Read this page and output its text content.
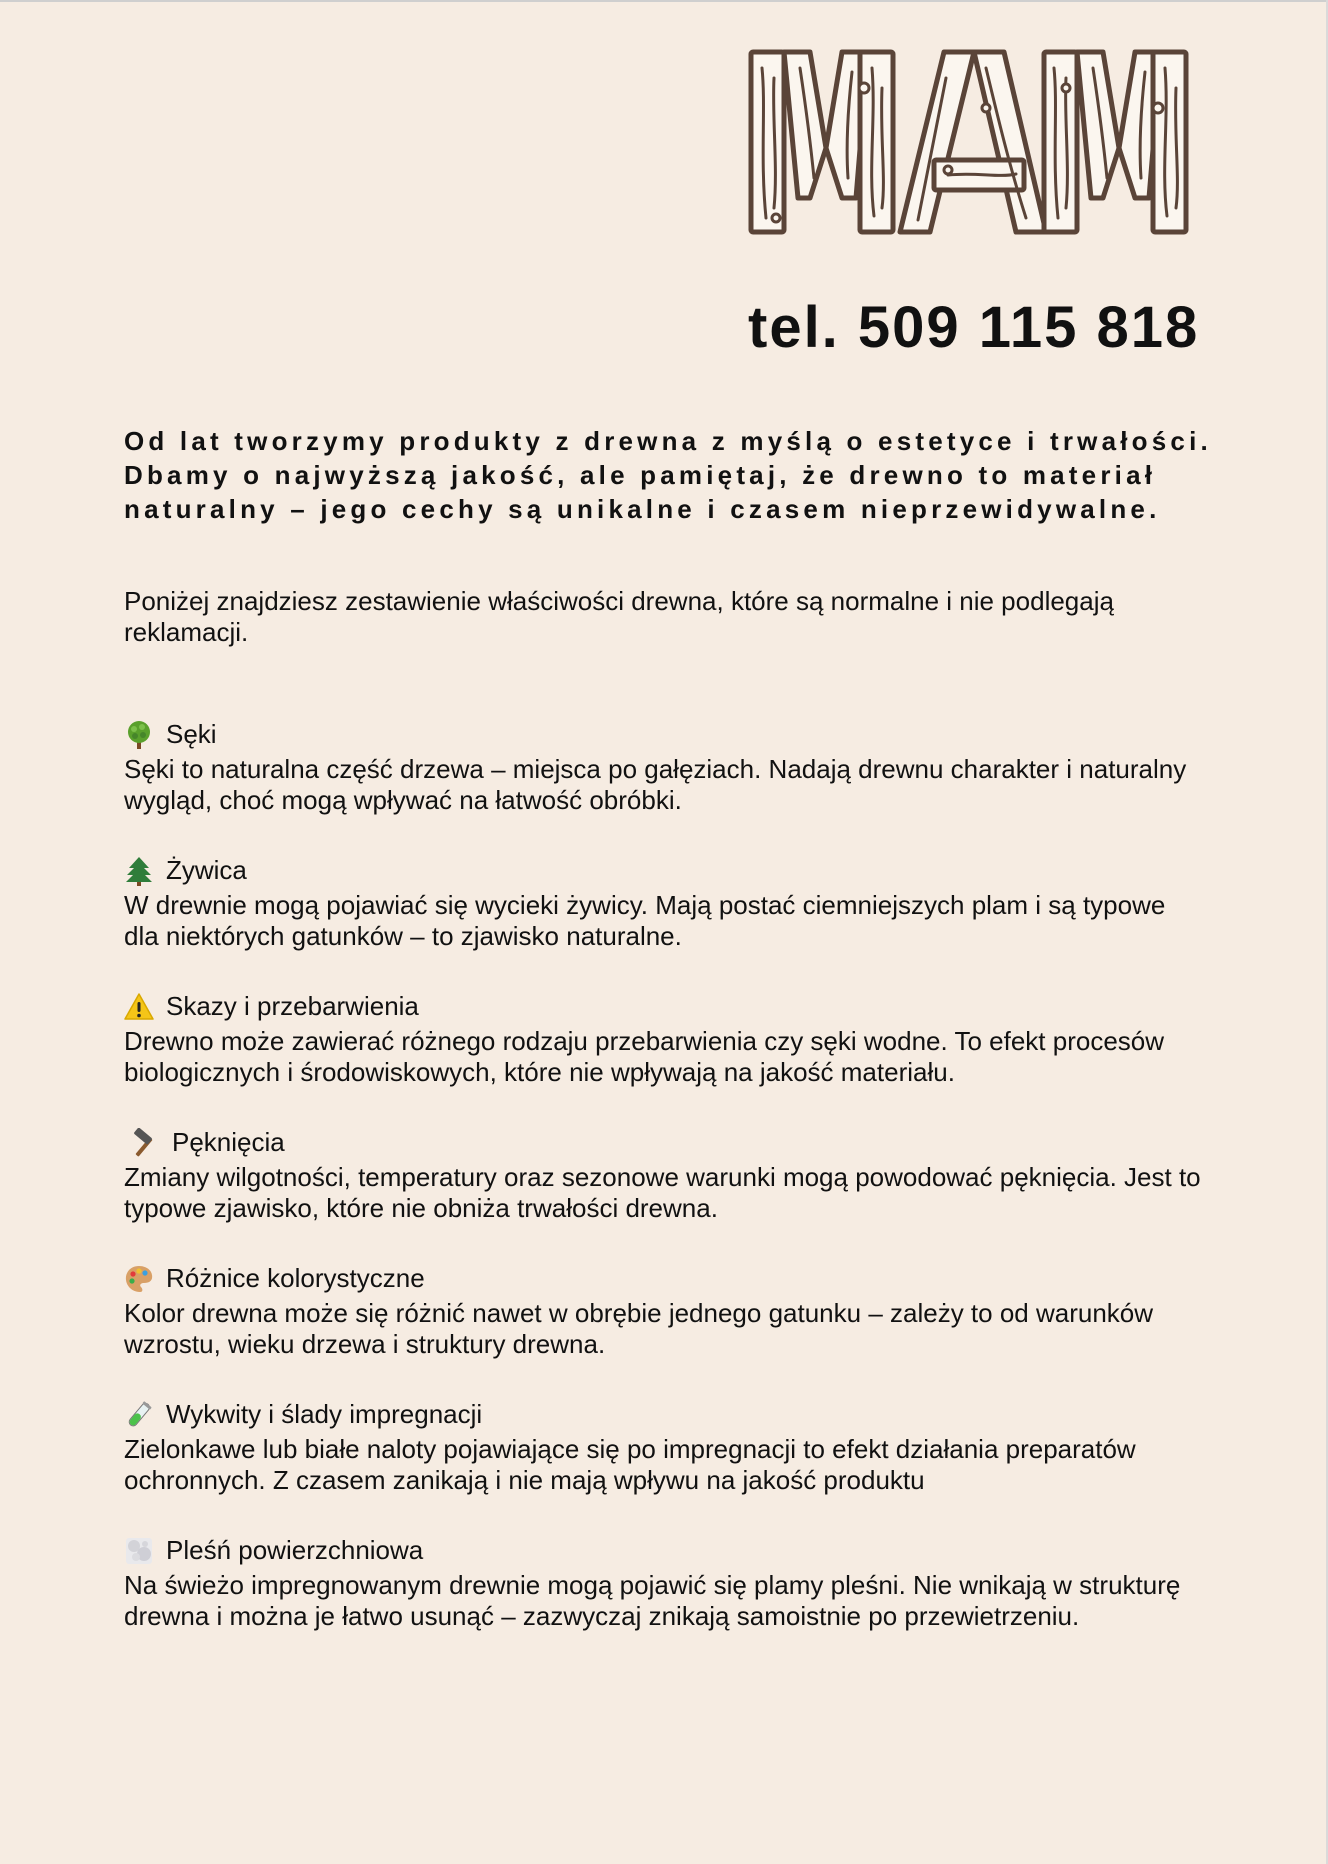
tel. 509 115 818

Od lat tworzymy produkty z drewna z myślą o estetyce i trwałości. Dbamy o najwyższą jakość, ale pamiętaj, że drewno to materiał naturalny – jego cechy są unikalne i czasem nieprzewidywalne.

Poniżej znajdziesz zestawienie właściwości drewna, które są normalne i nie podlegają reklamacji.

Sęki

Sęki to naturalna część drzewa – miejsca po gałęziach. Nadają drewnu charakter i naturalny wygląd, choć mogą wpływać na łatwość obróbki.

Żywica

W drewnie mogą pojawiać się wycieki żywicy. Mają postać ciemniejszych plam i są typowe dla niektórych gatunków – to zjawisko naturalne.

Skazy i przebarwienia

Drewno może zawierać różnego rodzaju przebarwienia czy sęki wodne. To efekt procesów biologicznych i środowiskowych, które nie wpływają na jakość materiału.

Pęknięcia

Zmiany wilgotności, temperatury oraz sezonowe warunki mogą powodować pęknięcia. Jest to typowe zjawisko, które nie obniża trwałości drewna.

Różnice kolorystyczne

Kolor drewna może się różnić nawet w obrębie jednego gatunku – zależy to od warunków wzrostu, wieku drzewa i struktury drewna.

Wykwity i ślady impregnacji

Zielonkawe lub białe naloty pojawiające się po impregnacji to efekt działania preparatów ochronnych. Z czasem zanikają i nie mają wpływu na jakość produktu

Pleśń powierzchniowa

Na świeżo impregnowanym drewnie mogą pojawić się plamy pleśni. Nie wnikają w strukturę drewna i można je łatwo usunąć – zazwyczaj znikają samoistnie po przewietrzeniu.
